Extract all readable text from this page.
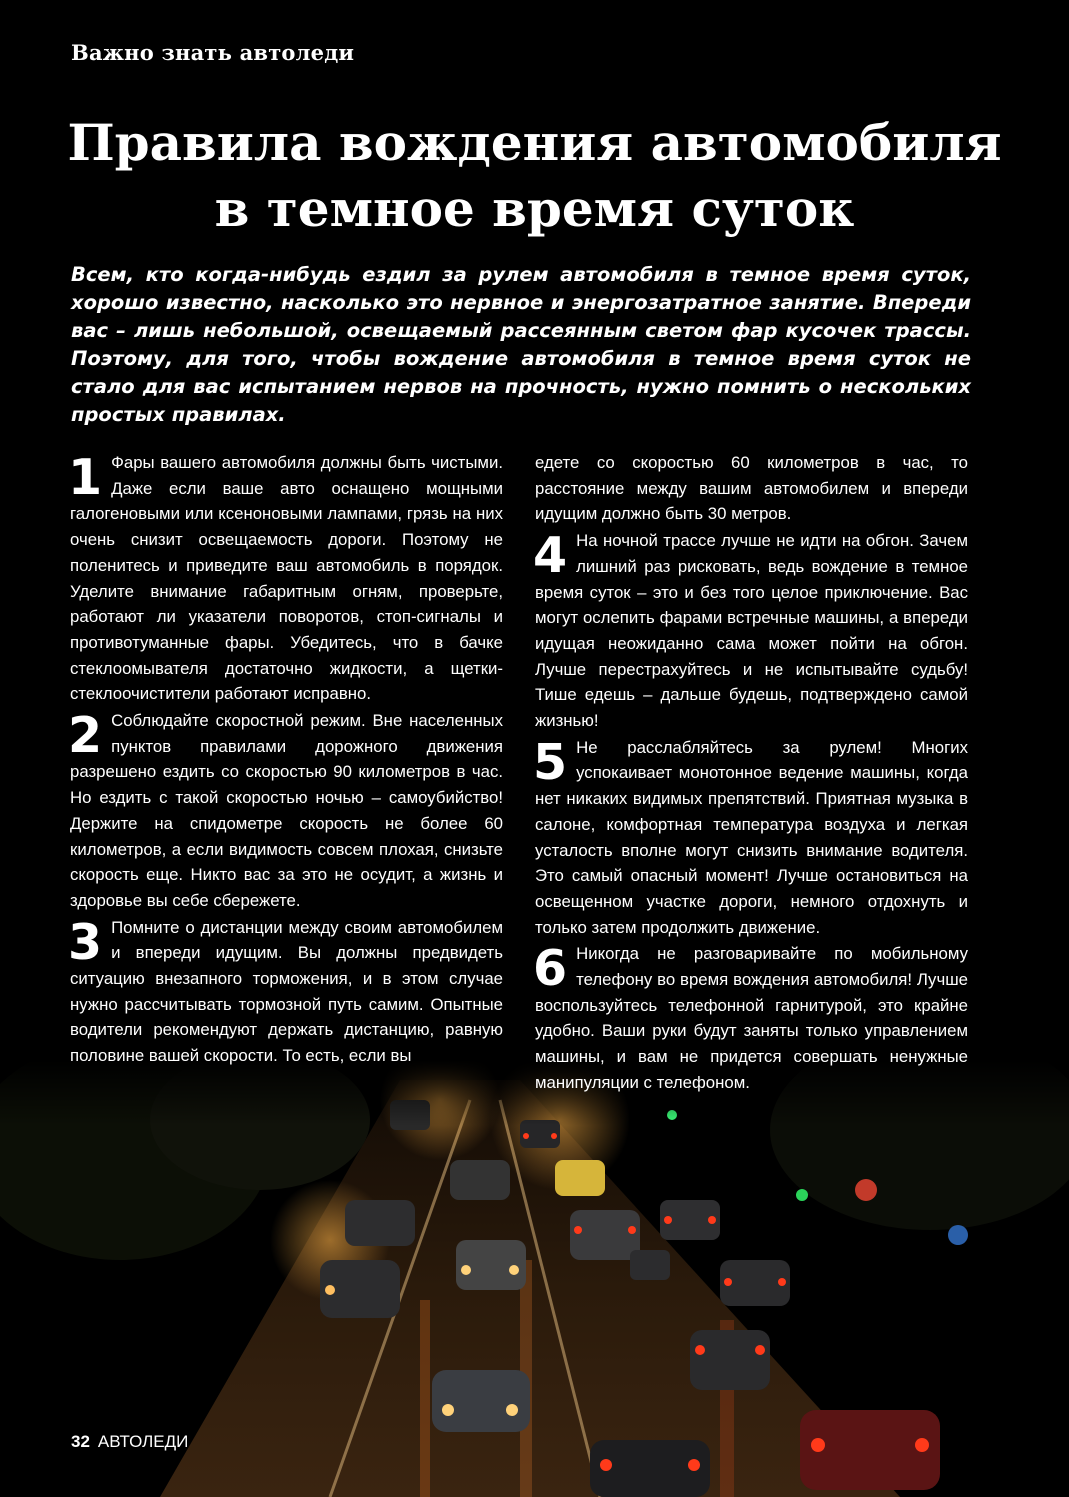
Важно знать автоледи
Правила вождения автомобиля
в темное время суток
Всем, кто когда-нибудь ездил за рулем автомобиля в темное время суток, хорошо известно, насколько это нервное и энергозатратное занятие. Впереди вас – лишь небольшой, освещаемый рассеянным светом фар кусочек трассы. Поэтому, для того, чтобы вождение автомобиля в темное время суток не стало для вас испытанием нервов на прочность, нужно помнить о нескольких простых правилах.
1 Фары вашего автомобиля должны быть чистыми. Даже если ваше авто оснащено мощными галогеновыми или ксеноновыми лампами, грязь на них очень снизит освещаемость дороги. Поэтому не поленитесь и приведите ваш автомобиль в порядок. Уделите внимание габаритным огням, проверьте, работают ли указатели поворотов, стоп-сигналы и противотуманные фары. Убедитесь, что в бачке стеклоомывателя достаточно жидкости, а щетки-стеклоочистители работают исправно.
2 Соблюдайте скоростной режим. Вне населенных пунктов правилами дорожного движения разрешено ездить со скоростью 90 километров в час. Но ездить с такой скоростью ночью – самоубийство! Держите на спидометре скорость не более 60 километров, а если видимость совсем плохая, снизьте скорость еще. Никто вас за это не осудит, а жизнь и здоровье вы себе сбережете.
3 Помните о дистанции между своим автомобилем и впереди идущим. Вы должны предвидеть ситуацию внезапного торможения, и в этом случае нужно рассчитывать тормозной путь самим. Опытные водители рекомендуют держать дистанцию, равную половине вашей скорости. То есть, если вы
едете со скоростью 60 километров в час, то расстояние между вашим автомобилем и впереди идущим должно быть 30 метров.
4 На ночной трассе лучше не идти на обгон. Зачем лишний раз рисковать, ведь вождение в темное время суток – это и без того целое приключение. Вас могут ослепить фарами встречные машины, а впереди идущая неожиданно сама может пойти на обгон. Лучше перестрахуйтесь и не испытывайте судьбу! Тише едешь – дальше будешь, подтверждено самой жизнью!
5 Не расслабляйтесь за рулем! Многих успокаивает монотонное ведение машины, когда нет никаких видимых препятствий. Приятная музыка в салоне, комфортная температура воздуха и легкая усталость вполне могут снизить внимание водителя. Это самый опасный момент! Лучше остановиться на освещенном участке дороги, немного отдохнуть и только затем продолжить движение.
6 Никогда не разговаривайте по мобильному телефону во время вождения автомобиля! Лучше воспользуйтесь телефонной гарнитурой, это крайне удобно. Ваши руки будут заняты только управлением машины, и вам не придется совершать ненужные манипуляции с телефоном.
32 АВТОЛЕДИ
